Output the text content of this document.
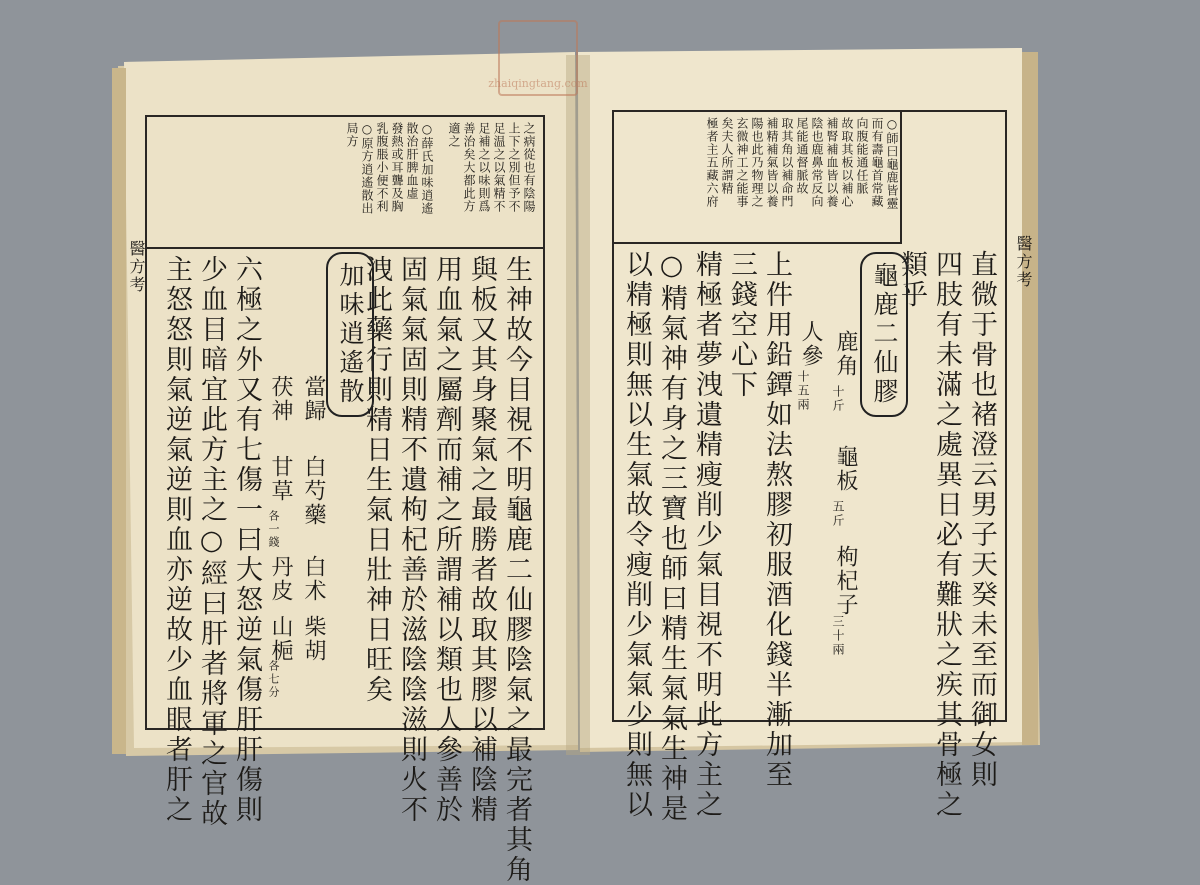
zhaiqingtang.com
之病從也有陰陽
上下之別但予不
足温之以氣精不
足補之以味則爲
善治矣大都此方
適之
○薛氏加味逍遙
散治肝脾血虛
發熱或耳聾及胸
乳腹脹小便不利
○原方逍遙散出
局方
醫方考	生神故今目視不明龜鹿二仙膠陰氣之最完者其角
與板又其身聚氣之最勝者故取其膠以補陰精
用血氣之屬劑而補之所謂補以類也人參善於
固氣氣固則精不遺枸杞善於滋陰陰滋則火不
洩此藥行則精日生氣日壯神日旺矣
加味逍遙散
當歸
白芍藥
白术
柴胡
茯神
甘草
各一錢
丹皮
山梔
各七分
六極之外又有七傷一曰大怒逆氣傷肝肝傷則
少血目暗宜此方主之○經曰肝者將軍之官故
主怒怒則氣逆氣逆則血亦逆故少血眼者肝之
○師曰龜鹿皆靈
而有壽龜首常藏
向腹能通任脈
故取其板以補心
補腎補血皆以養
陰也鹿鼻常反向
尾能通督脈故
取其角以補命門
補精補氣皆以養
陽也此乃物理之
玄微神工之能事
矣夫人所謂精
極者主五藏六府
醫方考
直微于骨也褚澄云男子天癸未至而御女則
四肢有未滿之處異日必有難狀之疾其骨極之
類乎
龜鹿二仙膠
鹿角
十斤
龜板
五斤
枸杞子
三十兩
人參
十五兩
上件用鉛鐔如法熬膠初服酒化錢半漸加至
三錢空心下
精極者夢洩遺精瘦削少氣目視不明此方主之
○精氣神有身之三寶也師曰精生氣氣生神是
以精極則無以生氣故令瘦削少氣氣少則無以
